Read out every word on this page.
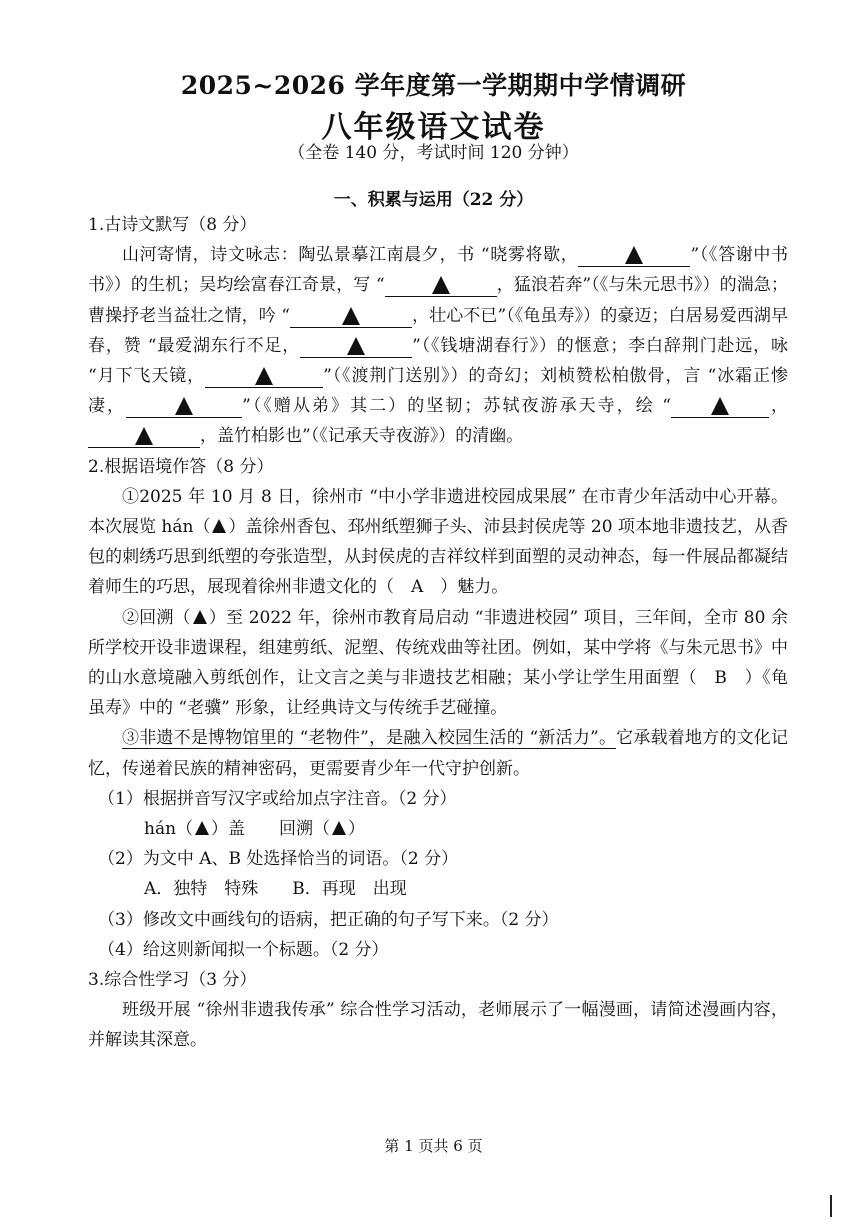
2025~2026 学年度第一学期期中学情调研
八年级语文试卷
（全卷 140 分，考试时间 120 分钟）
一、积累与运用（22 分）

1.古诗文默写（8 分）

山河寄情，诗文咏志：陶弘景摹江南晨夕，书 “晓雾将歇，	”（《答谢中书书》）的生机；吴均绘富春江奇景，写 “	，猛浪若奔”（《与朱元思书》）的湍急；曹操抒老当益壮之情，吟 “	，壮心不已”（《龟虽寿》）的豪迈；白居易爱西湖早春，赞 “最爱湖东行不足，	”（《钱塘湖春行》）的惬意；李白辞荆门赴远，咏 “月下飞天镜，	”（《渡荆门送别》）的奇幻；刘桢赞松柏傲骨，言 “冰霜正惨凄，	”（《赠从弟》其二）的坚韧；苏轼夜游承天寺，绘 “	，，盖竹柏影也”（《记承天寺夜游》）的清幽。

2.根据语境作答（8 分）

①2025 年 10 月 8 日，徐州市 “中小学非遗进校园成果展” 在市青少年活动中心开幕。本次展览 hán（ ）盖徐州香包、邳州纸塑狮子头、沛县封侯虎等 20 项本地非遗技艺，从香包的刺绣巧思到纸塑的夸张造型，从封侯虎的吉祥纹样到面塑的灵动神态，每一件展品都凝结着师生的巧思，展现着徐州非遗文化的（　A　）魅力。

②回溯（ ）至 2022 年，徐州市教育局启动 “非遗进校园” 项目，三年间，全市 80 余所学校开设非遗课程，组建剪纸、泥塑、传统戏曲等社团。例如，某中学将《与朱元思书》中的山水意境融入剪纸创作，让文言之美与非遗技艺相融；某小学让学生用面塑（　B　）《龟虽寿》中的 “老骥” 形象，让经典诗文与传统手艺碰撞。

③非遗不是博物馆里的 “老物件”，是融入校园生活的 “新活力”。它承载着地方的文化记忆，传递着民族的精神密码，更需要青少年一代守护创新。

（1）根据拼音写汉字或给加点字注音。（2 分）

hán（ ）盖　　回溯（ ）

（2）为文中 A、B 处选择恰当的词语。（2 分）

A．独特　特殊　　B．再现　出现

（3）修改文中画线句的语病，把正确的句子写下来。（2 分）

（4）给这则新闻拟一个标题。（2 分）

3.综合性学习（3 分）

班级开展 “徐州非遗我传承” 综合性学习活动，老师展示了一幅漫画，请简述漫画内容，并解读其深意。

第 1 页共 6 页
